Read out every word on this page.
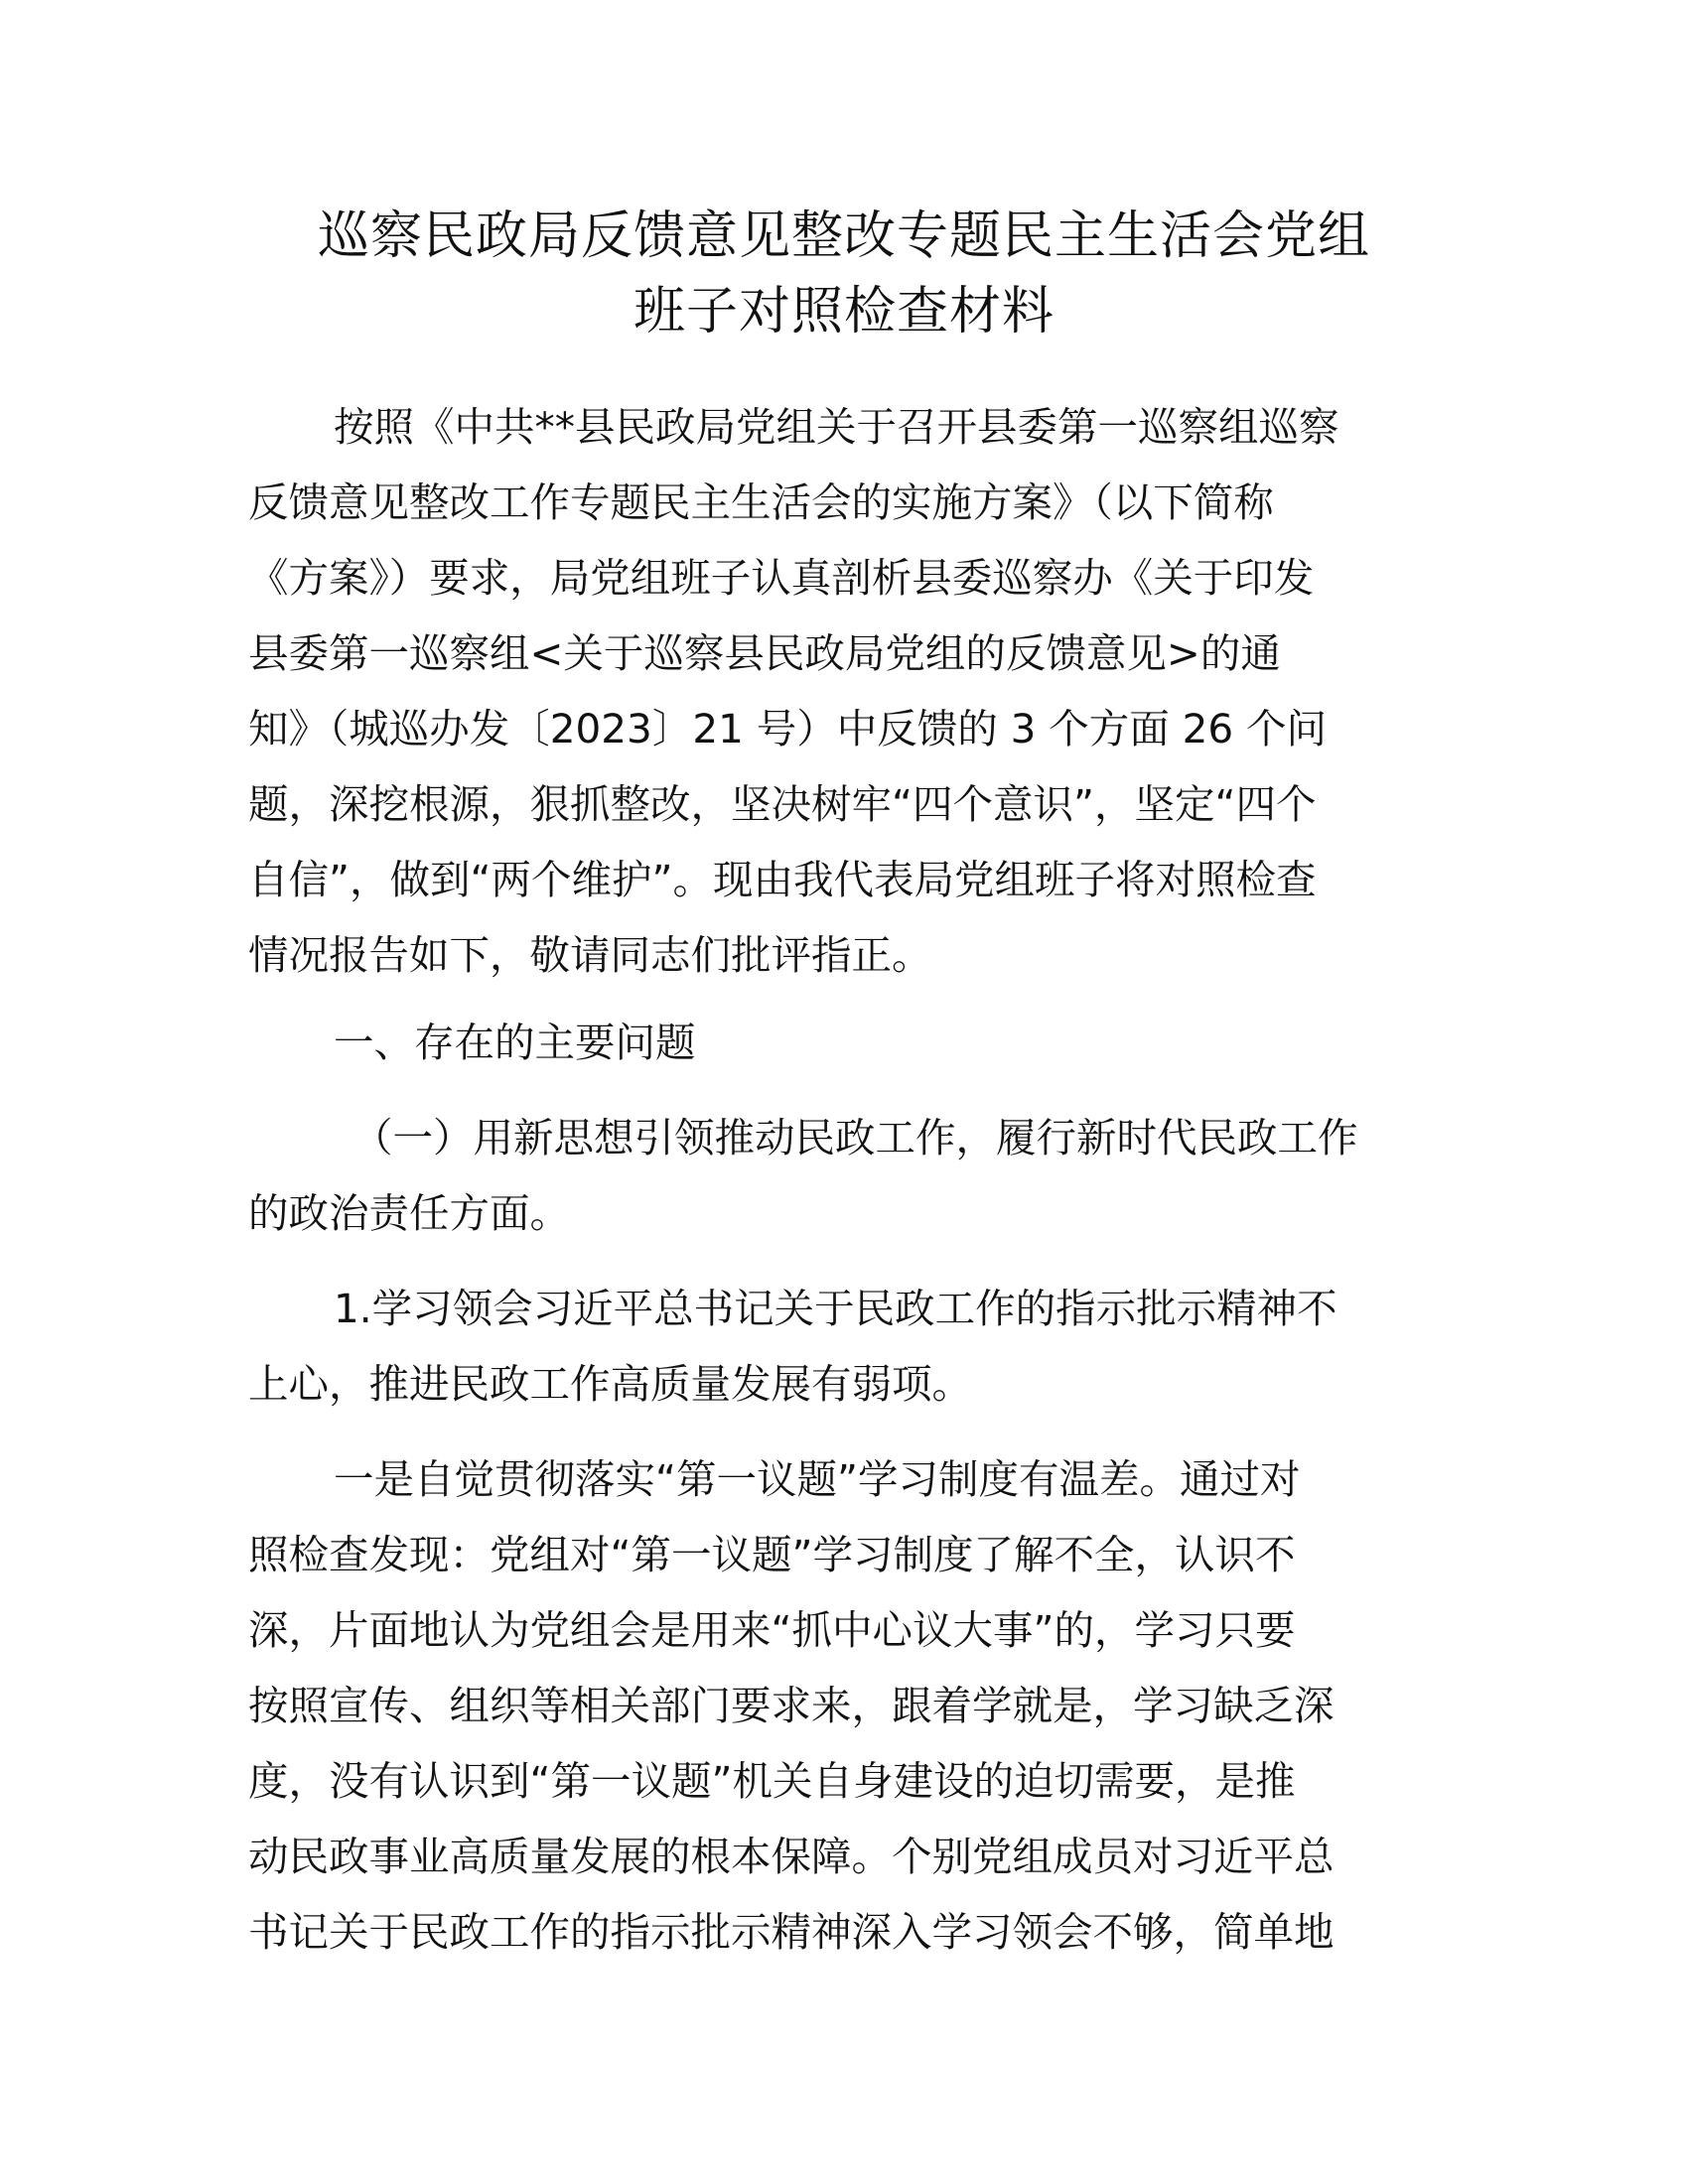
巡察民政局反馈意见整改专题民主生活会党组
班子对照检查材料
按照《中共**县民政局党组关于召开县委第一巡察组巡察
反馈意见整改工作专题民主生活会的实施方案》（以下简称
《方案》）要求，局党组班子认真剖析县委巡察办《关于印发
县委第一巡察组<关于巡察县民政局党组的反馈意见>的通
知》（城巡办发〔2023〕21 号）中反馈的 3 个方面 26 个问
题，深挖根源，狠抓整改，坚决树牢“四个意识”，坚定“四个
自信”，做到“两个维护”。现由我代表局党组班子将对照检查
情况报告如下，敬请同志们批评指正。
一、存在的主要问题
（一）用新思想引领推动民政工作，履行新时代民政工作
的政治责任方面。
1.学习领会习近平总书记关于民政工作的指示批示精神不
上心，推进民政工作高质量发展有弱项。
一是自觉贯彻落实“第一议题”学习制度有温差。通过对
照检查发现：党组对“第一议题”学习制度了解不全，认识不
深，片面地认为党组会是用来“抓中心议大事”的，学习只要
按照宣传、组织等相关部门要求来，跟着学就是，学习缺乏深
度，没有认识到“第一议题”机关自身建设的迫切需要，是推
动民政事业高质量发展的根本保障。个别党组成员对习近平总
书记关于民政工作的指示批示精神深入学习领会不够，简单地
